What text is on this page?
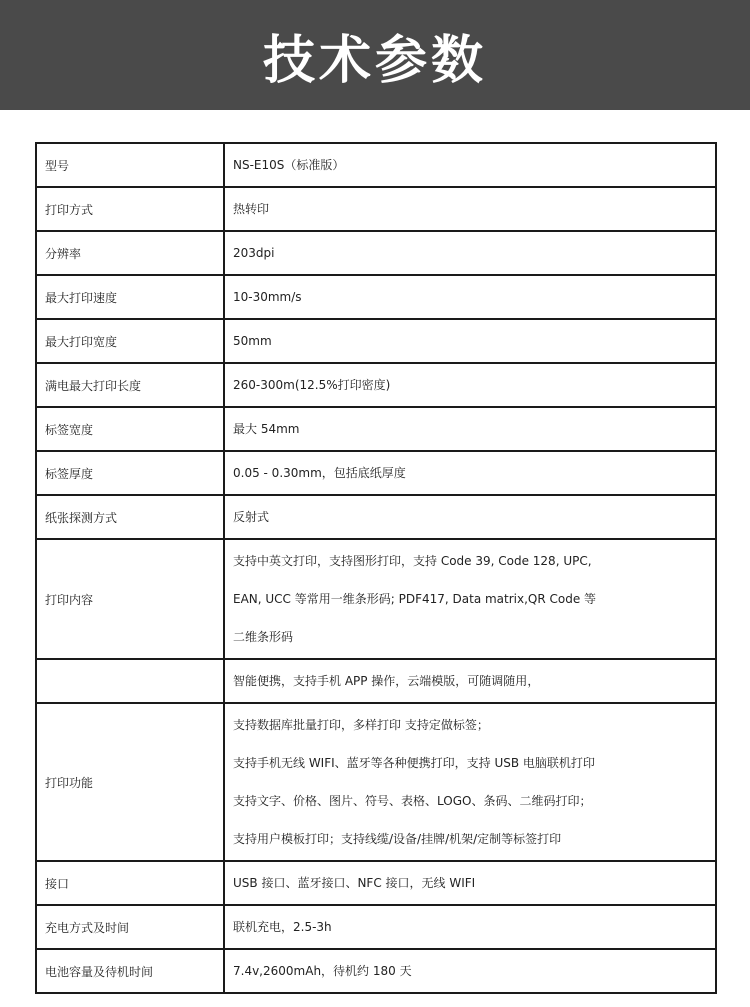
技术参数
型号	NS-E10S（标准版）

打印方式	热转印

分辨率	203dpi

最大打印速度	10-30mm/s

最大打印宽度	50mm

满电最大打印长度	260-300m(12.5%打印密度)

标签宽度	最大 54mm

标签厚度	0.05 - 0.30mm，包括底纸厚度

纸张探测方式	反射式

打印内容	支持中英文打印，支持图形打印，支持 Code 39, Code 128, UPC,
EAN, UCC 等常用一维条形码; PDF417, Data matrix,QR Code 等
二维条形码

	智能便携，支持手机 APP 操作，云端模版，可随调随用，

打印功能	支持数据库批量打印，多样打印 支持定做标签；
支持手机无线 WIFI、蓝牙等各种便携打印，支持 USB 电脑联机打印
支持文字、价格、图片、符号、表格、LOGO、条码、二维码打印；
支持用户模板打印；支持线缆/设备/挂牌/机架/定制等标签打印

接口	USB 接口、蓝牙接口、NFC 接口，无线 WIFI

充电方式及时间	联机充电，2.5-3h

电池容量及待机时间	7.4v,2600mAh，待机约 180 天
